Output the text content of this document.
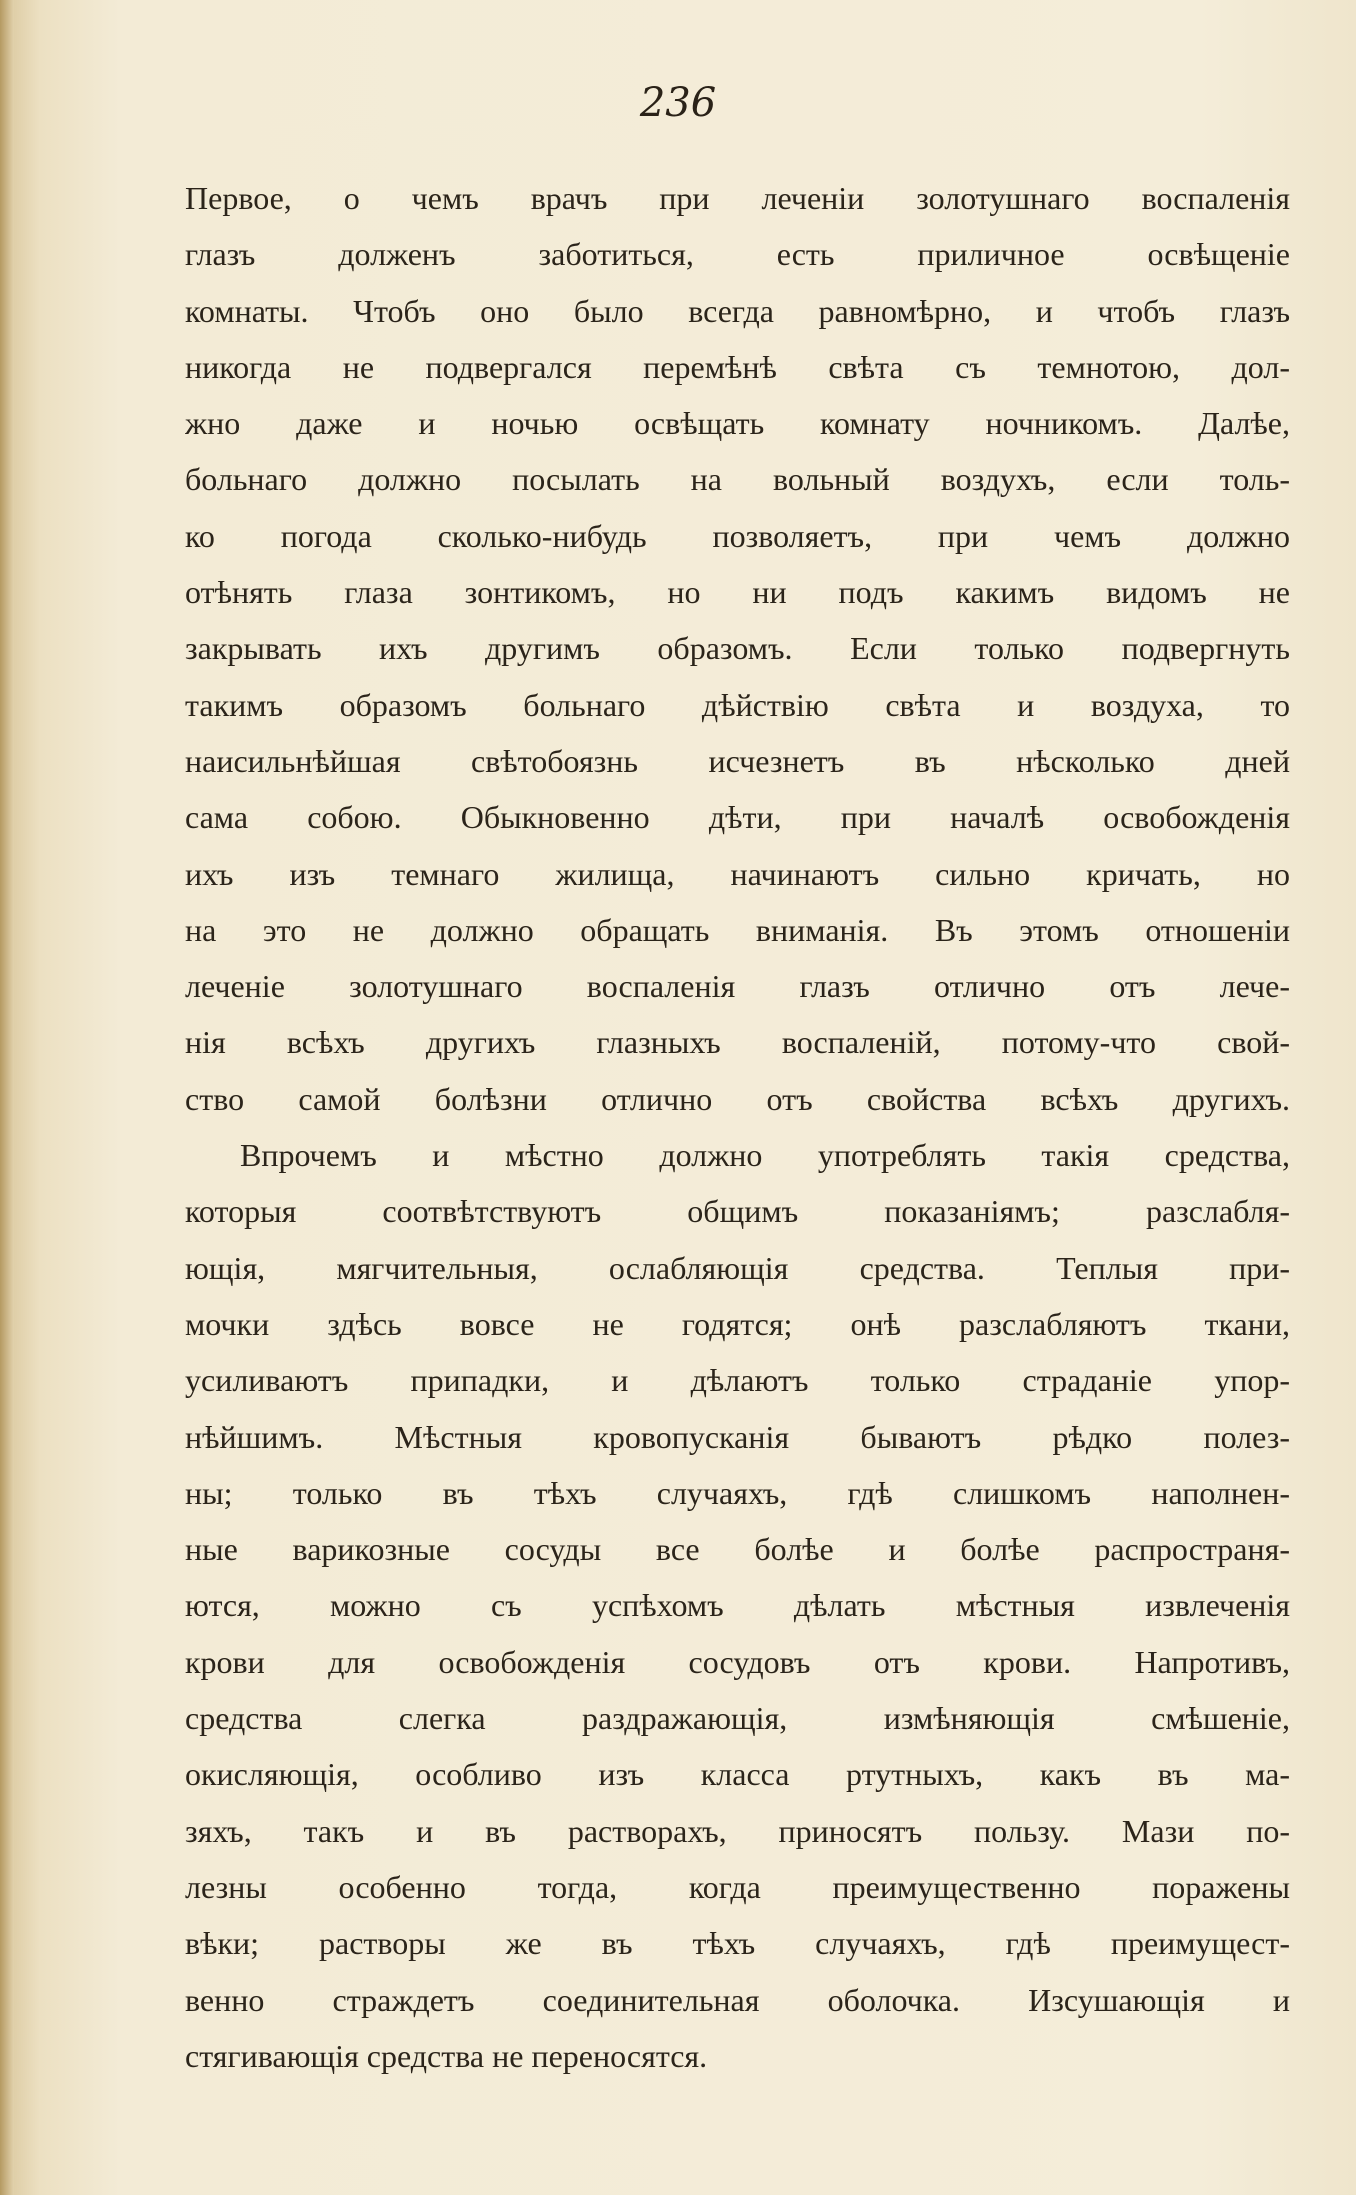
236
Первое, о чемъ врачъ при леченіи золотушнаго воспаленія
глазъ долженъ заботиться, есть приличное освѣщеніе
комнаты. Чтобъ оно было всегда равномѣрно, и чтобъ глазъ
никогда не подвергался перемѣнѣ свѣта съ темнотою, дол-
жно даже и ночью освѣщать комнату ночникомъ. Далѣе,
больнаго должно посылать на вольный воздухъ, если толь-
ко погода сколько-нибудь позволяетъ, при чемъ должно
отѣнять глаза зонтикомъ, но ни подъ какимъ видомъ не
закрывать ихъ другимъ образомъ. Если только подвергнуть
такимъ образомъ больнаго дѣйствію свѣта и воздуха, то
наисильнѣйшая свѣтобоязнь исчезнетъ въ нѣсколько дней
сама собою. Обыкновенно дѣти, при началѣ освобожденія
ихъ изъ темнаго жилища, начинаютъ сильно кричать, но
на это не должно обращать вниманія. Въ этомъ отношеніи
леченіе золотушнаго воспаленія глазъ отлично отъ лече-
нія всѣхъ другихъ глазныхъ воспаленій, потому-что свой-
ство самой болѣзни отлично отъ свойства всѣхъ другихъ.
Впрочемъ и мѣстно должно употреблять такія средства,
которыя соотвѣтствуютъ общимъ показаніямъ; разслабля-
ющія, мягчительныя, ослабляющія средства. Теплыя при-
мочки здѣсь вовсе не годятся; онѣ разслабляютъ ткани,
усиливаютъ припадки, и дѣлаютъ только страданіе упор-
нѣйшимъ. Мѣстныя кровопусканія бываютъ рѣдко полез-
ны; только въ тѣхъ случаяхъ, гдѣ слишкомъ наполнен-
ные варикозные сосуды все болѣе и болѣе распространя-
ются, можно съ успѣхомъ дѣлать мѣстныя извлеченія
крови для освобожденія сосудовъ отъ крови. Напротивъ,
средства слегка раздражающія, измѣняющія смѣшеніе,
окисляющія, особливо изъ класса ртутныхъ, какъ въ ма-
зяхъ, такъ и въ растворахъ, приносятъ пользу. Мази по-
лезны особенно тогда, когда преимущественно поражены
вѣки; растворы же въ тѣхъ случаяхъ, гдѣ преимущест-
венно страждетъ соединительная оболочка. Изсушающія и
стягивающія средства не переносятся.
